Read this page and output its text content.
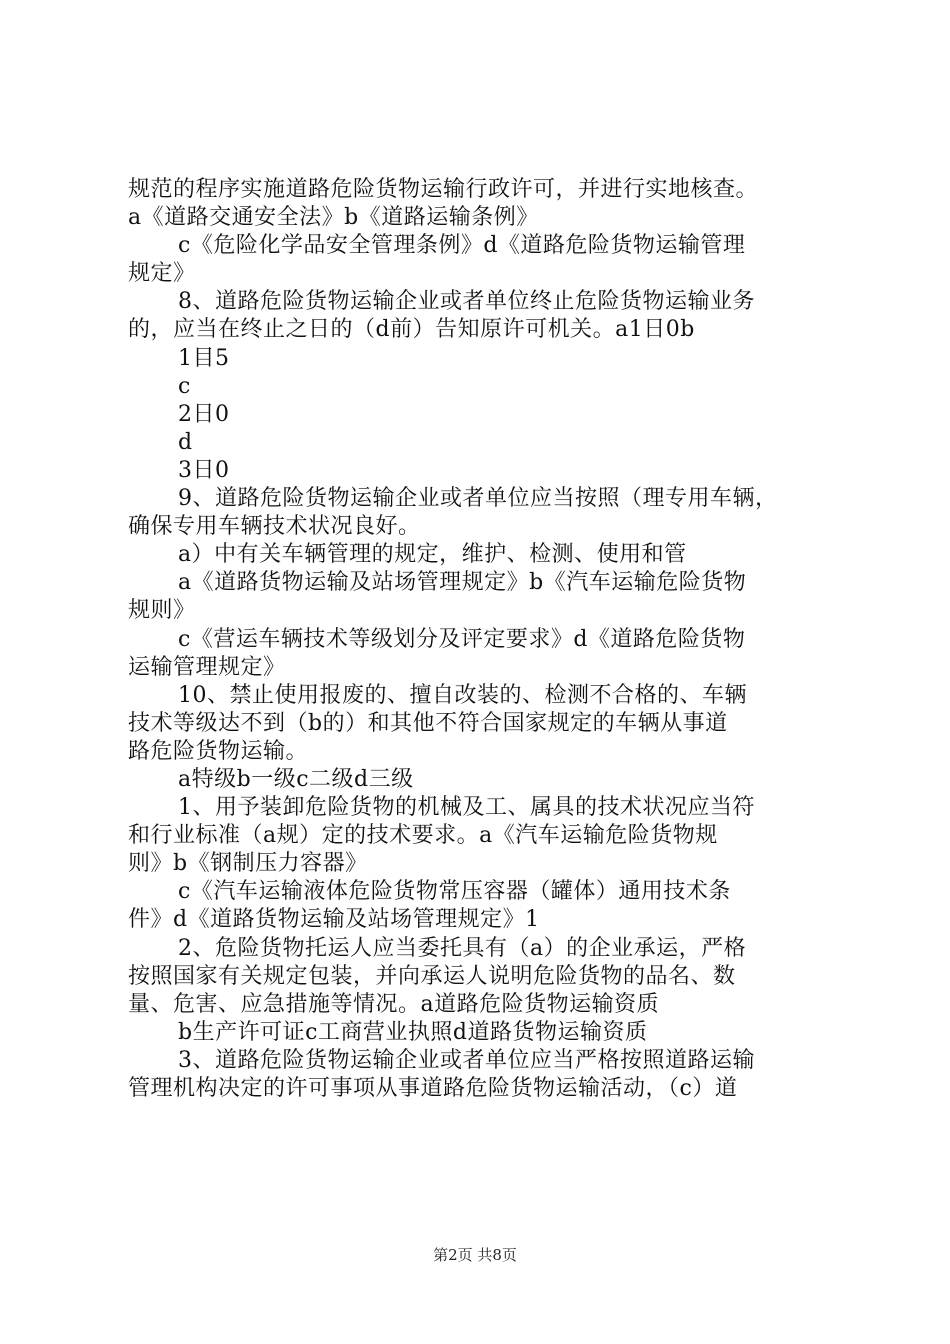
规范的程序实施道路危险货物运输行政许可，并进行实地核查。
a《道路交通安全法》b《道路运输条例》
c《危险化学品安全管理条例》d《道路危险货物运输管理
规定》
8、道路危险货物运输企业或者单位终止危险货物运输业务
的，应当在终止之日的（d前）告知原许可机关。a1日0b
1目5
c
2日0
d
3日0
9、道路危险货物运输企业或者单位应当按照（理专用车辆，
确保专用车辆技术状况良好。
a）中有关车辆管理的规定，维护、检测、使用和管
a《道路货物运输及站场管理规定》b《汽车运输危险货物
规则》
c《营运车辆技术等级划分及评定要求》d《道路危险货物
运输管理规定》
10、禁止使用报废的、擅自改装的、检测不合格的、车辆
技术等级达不到（b的）和其他不符合国家规定的车辆从事道
路危险货物运输。
a特级b一级c二级d三级
1、用予装卸危险货物的机械及工、属具的技术状况应当符
和行业标准（a规）定的技术要求。a《汽车运输危险货物规
则》b《钢制压力容器》
c《汽车运输液体危险货物常压容器（罐体）通用技术条
件》d《道路货物运输及站场管理规定》1
2、危险货物托运人应当委托具有（a）的企业承运，严格
按照国家有关规定包装，并向承运人说明危险货物的品名、数
量、危害、应急措施等情况。a道路危险货物运输资质
b生产许可证c工商营业执照d道路货物运输资质
3、道路危险货物运输企业或者单位应当严格按照道路运输
管理机构决定的许可事项从事道路危险货物运输活动，（c）道
第2页 共8页
